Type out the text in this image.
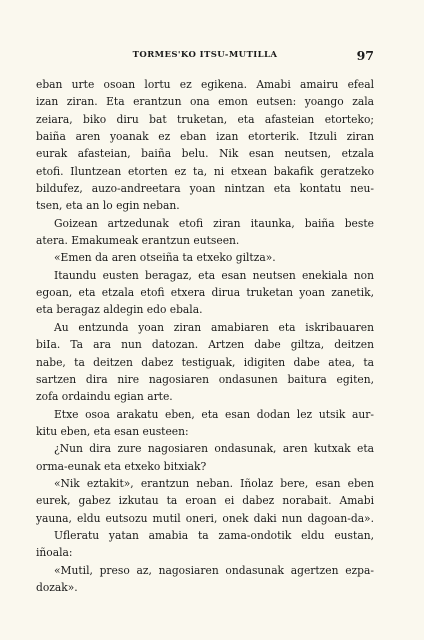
TORMES'KO ITSU-MUTILLA	97
eban urte osoan lortu ez egikena. Amabi amairu efeal
izan ziran. Eta erantzun ona emon eutsen: yoango zala
zeiara, biko diru bat truketan, eta afasteian etorteko;
baiña aren yoanak ez eban izan etorterik. Itzuli ziran
eurak afasteian, baiña belu. Nik esan neutsen, etzala
etofi. Iluntzean etorten ez ta, ni etxean bakafik geratzeko
bildufez, auzo-andreetara yoan nintzan eta kontatu neu-
tsen, eta an lo egin neban.
Goizean artzedunak etofi ziran itaunka, baiña beste
atera. Emakumeak erantzun eutseen.
«Emen da aren otseiña ta etxeko giltza».
Itaundu eusten beragaz, eta esan neutsen enekiala non
egoan, eta etzala etofi etxera dirua truketan yoan zanetik,
eta beragaz aldegin edo ebala.
Au entzunda yoan ziran amabiaren eta iskribauaren
biIa. Ta ara nun datozan. Artzen dabe giltza, deitzen
nabe, ta deitzen dabez testiguak, idigiten dabe atea, ta
sartzen dira nire nagosiaren ondasunen baitura egiten,
zofa ordaindu egian arte.
Etxe osoa arakatu eben, eta esan dodan lez utsik aur-
kitu eben, eta esan eusteen:
¿Nun dira zure nagosiaren ondasunak, aren kutxak eta
orma-eunak eta etxeko bitxiak?
«Nik eztakit», erantzun neban. Iñolaz bere, esan eben
eurek, gabez izkutau ta eroan ei dabez norabait. Amabi
yauna, eldu eutsozu mutil oneri, onek daki nun dagoan-da».
Ufleratu yatan amabia ta zama-ondotik eldu eustan,
iñoala:
«Mutil, preso az, nagosiaren ondasunak agertzen ezpa-
dozak».
